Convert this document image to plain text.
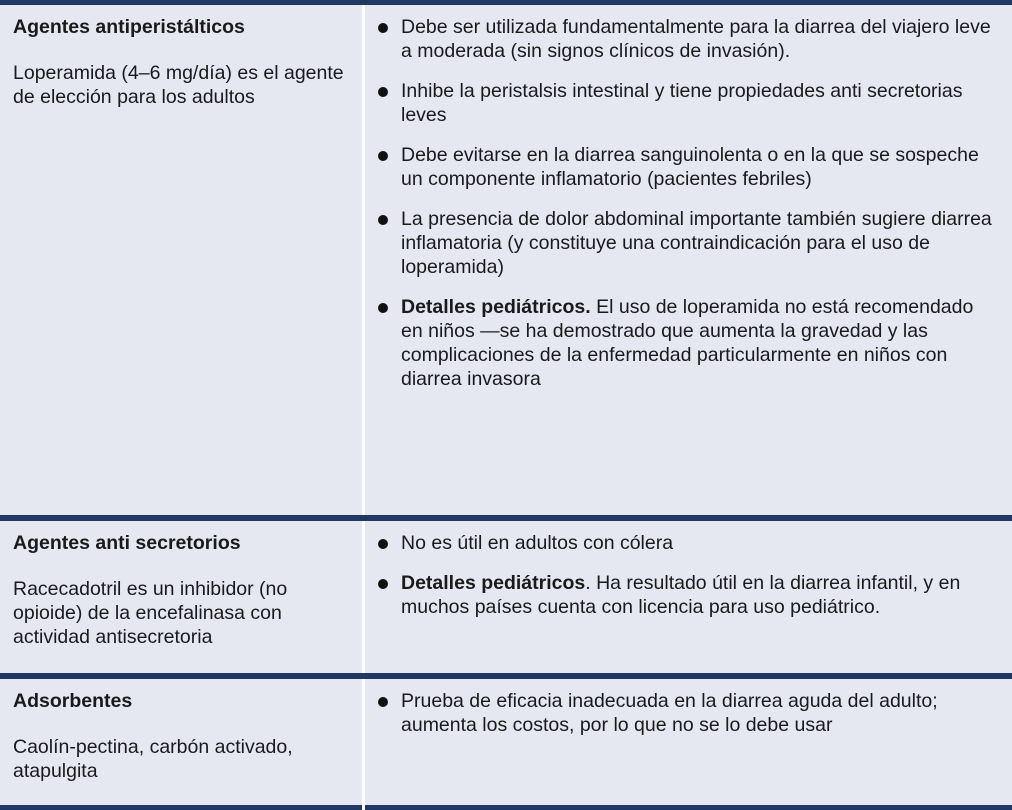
Agentes antiperistálticos

Loperamida (4–6 mg/día) es el agente de elección para los adultos

Debe ser utilizada fundamentalmente para la diarrea del viajero leve a moderada (sin signos clínicos de invasión).
Inhibe la peristalsis intestinal y tiene propiedades anti secretorias leves
Debe evitarse en la diarrea sanguinolenta o en la que se sospeche un componente inflamatorio (pacientes febriles)
La presencia de dolor abdominal importante también sugiere diarrea inflamatoria (y constituye una contraindicación para el uso de loperamida)
Detalles pediátricos. El uso de loperamida no está recomendado en niños —se ha demostrado que aumenta la gravedad y las complicaciones de la enfermedad particularmente en niños con diarrea invasora

Agentes anti secretorios

Racecadotril es un inhibidor (no opioide) de la encefalinasa con actividad antisecretoria

No es útil en adultos con cólera
Detalles pediátricos. Ha resultado útil en la diarrea infantil, y en muchos países cuenta con licencia para uso pediátrico.

Adsorbentes

Caolín-pectina, carbón activado, atapulgita

Prueba de eficacia inadecuada en la diarrea aguda del adulto; aumenta los costos, por lo que no se lo debe usar
